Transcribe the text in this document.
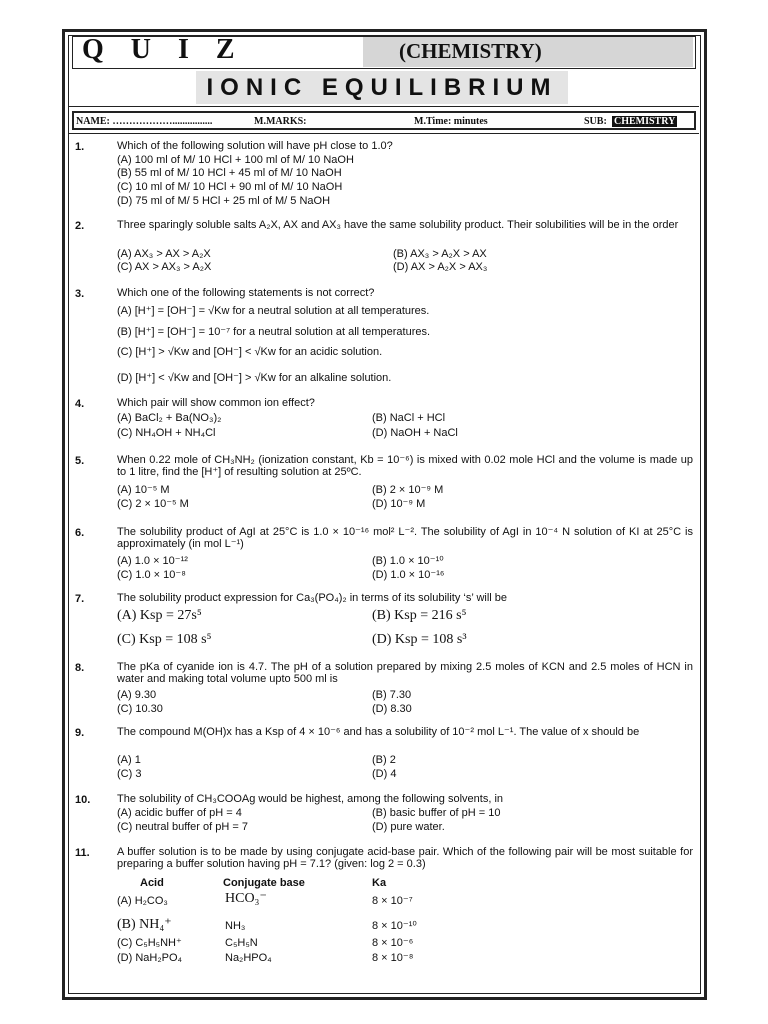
Q U I Z	(CHEMISTRY)
IONIC EQUILIBRIUM
NAME: ………………................	M.MARKS:	M.Time: minutes	SUB: CHEMISTRY
1.	Which of the following solution will have pH close to 1.0?
(A) 100 ml of M/ 10 HCl + 100 ml of M/ 10 NaOH
(B) 55 ml of M/ 10 HCl + 45 ml of M/ 10 NaOH
(C) 10 ml of M/ 10 HCl + 90 ml of M/ 10 NaOH
(D) 75 ml of M/ 5 HCl + 25 ml of M/ 5 NaOH
2.	Three sparingly soluble salts A₂X, AX and AX₃ have the same solubility product. Their solubilities will be in the order
(A) AX₃ > AX > A₂X	(B) AX₃ > A₂X > AX
(C) AX > AX₃ > A₂X	(D) AX > A₂X > AX₃
3.	Which one of the following statements is not correct?
(A) [H⁺] = [OH⁻] = √Kw for a neutral solution at all temperatures.
(B) [H⁺] = [OH⁻] = 10⁻⁷ for a neutral solution at all temperatures.
(C) [H⁺] > √Kw and [OH⁻] < √Kw for an acidic solution.
(D) [H⁺] < √Kw and [OH⁻] > √Kw for an alkaline solution.
4.	Which pair will show common ion effect?
(A) BaCl₂ + Ba(NO₃)₂	(B) NaCl + HCl
(C) NH₄OH + NH₄Cl	(D) NaOH + NaCl
5.	When 0.22 mole of CH₃NH₂ (ionization constant, Kb = 10⁻⁶) is mixed with 0.02 mole HCl and the volume is made up to 1 litre, find the [H⁺] of resulting solution at 25ºC.
(A) 10⁻⁵ M	(B) 2 × 10⁻⁹ M
(C) 2 × 10⁻⁵ M	(D) 10⁻⁹ M
6.	The solubility product of AgI at 25°C is 1.0 × 10⁻¹⁶ mol² L⁻². The solubility of AgI in 10⁻⁴ N solution of KI at 25°C is approximately (in mol L⁻¹)
(A) 1.0 × 10⁻¹²	(B) 1.0 × 10⁻¹⁰
(C) 1.0 × 10⁻⁸	(D) 1.0 × 10⁻¹⁶
7.	The solubility product expression for Ca₃(PO₄)₂ in terms of its solubility ‘s’ will be
(A) Ksp = 27s⁵	(B) Ksp = 216 s⁵
(C) Ksp = 108 s⁵	(D) Ksp = 108 s³
8.	The pKa of cyanide ion is 4.7. The pH of a solution prepared by mixing 2.5 moles of KCN and 2.5 moles of HCN in water and making total volume upto 500 ml is
(A) 9.30	(B) 7.30
(C) 10.30	(D) 8.30
9.	The compound M(OH)x has a Ksp of 4 × 10⁻⁶ and has a solubility of 10⁻² mol L⁻¹. The value of x should be
(A) 1	(B) 2
(C) 3	(D) 4
10. The solubility of CH₃COOAg would be highest, among the following solvents, in
(A) acidic buffer of pH = 4	(B) basic buffer of pH = 10
(C) neutral buffer of pH = 7	(D) pure water.
11. A buffer solution is to be made by using conjugate acid-base pair. Which of the following pair will be most suitable for preparing a buffer solution having pH = 7.1? (given: log 2 = 0.3)
Acid	Conjugate base	Ka
(A) H₂CO₃	HCO₃⁻	8 × 10⁻⁷
(B) NH₄⁺	NH₃	8 × 10⁻¹⁰
(C) C₅H₅NH⁺	C₅H₅N	8 × 10⁻⁶
(D) NaH₂PO₄	Na₂HPO₄	8 × 10⁻⁸
